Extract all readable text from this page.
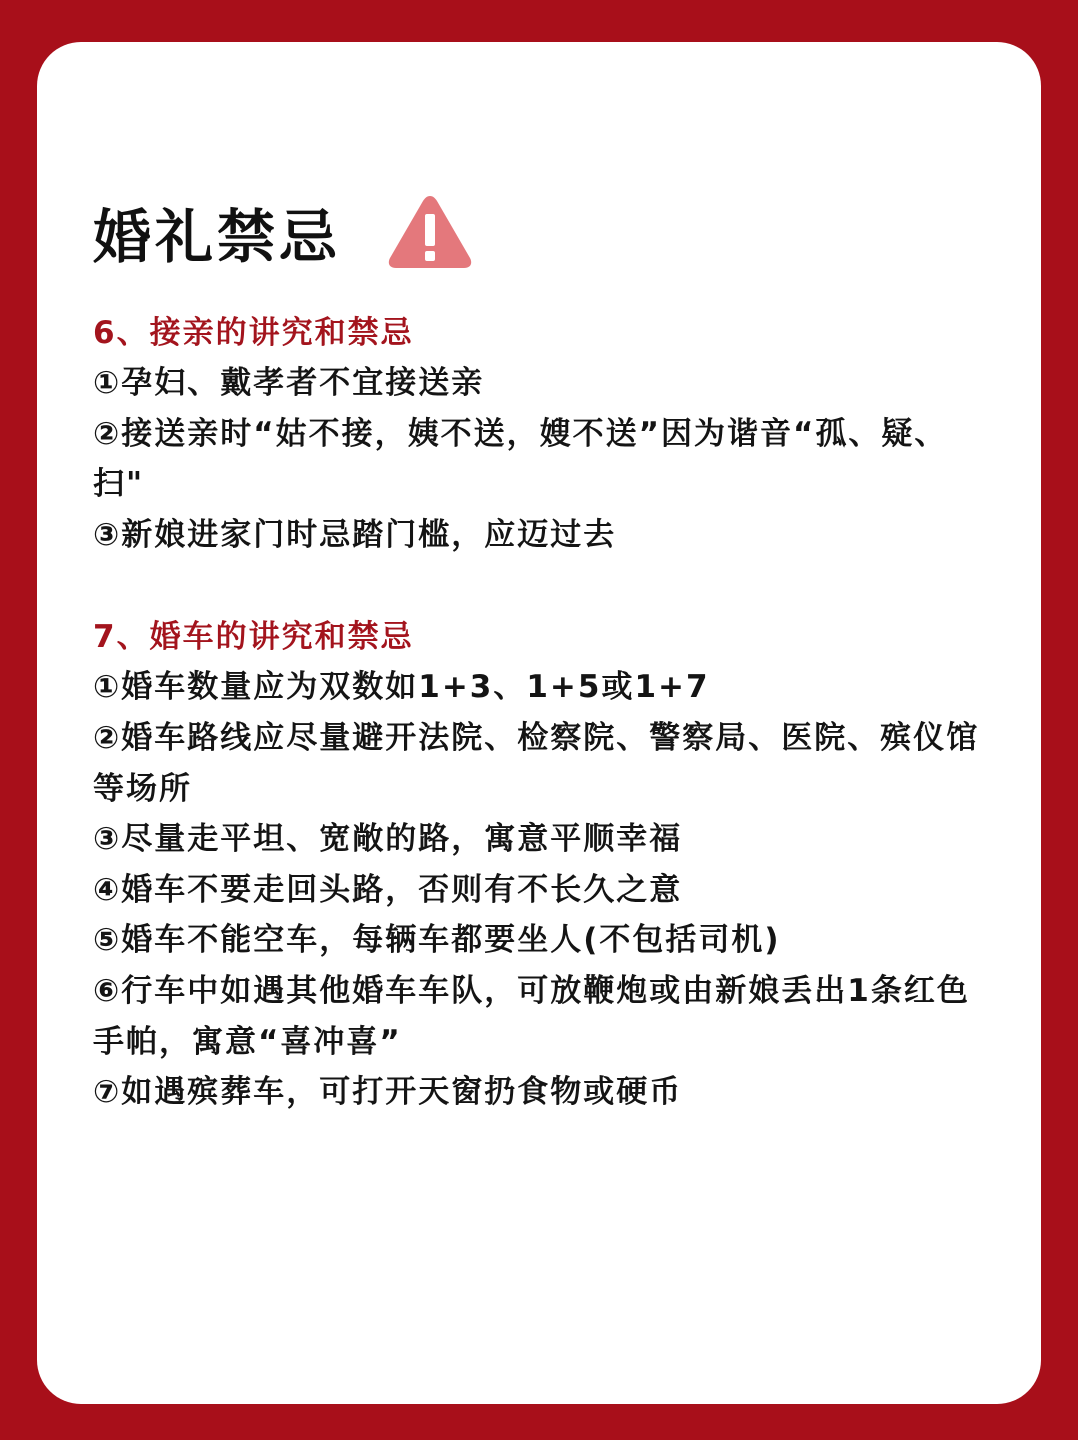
婚礼禁忌
6、接亲的讲究和禁忌
①孕妇、戴孝者不宜接送亲
②接送亲时“姑不接，姨不送，嫂不送”因为谐音“孤、疑、扫"
③新娘进家门时忌踏门槛，应迈过去
7、婚车的讲究和禁忌
①婚车数量应为双数如1+3、1+5或1+7
②婚车路线应尽量避开法院、检察院、警察局、医院、殡仪馆等场所
③尽量走平坦、宽敞的路，寓意平顺幸福
④婚车不要走回头路，否则有不长久之意
⑤婚车不能空车，每辆车都要坐人(不包括司机)
⑥行车中如遇其他婚车车队，可放鞭炮或由新娘丢出1条红色手帕，寓意“喜冲喜”
⑦如遇殡葬车，可打开天窗扔食物或硬币
